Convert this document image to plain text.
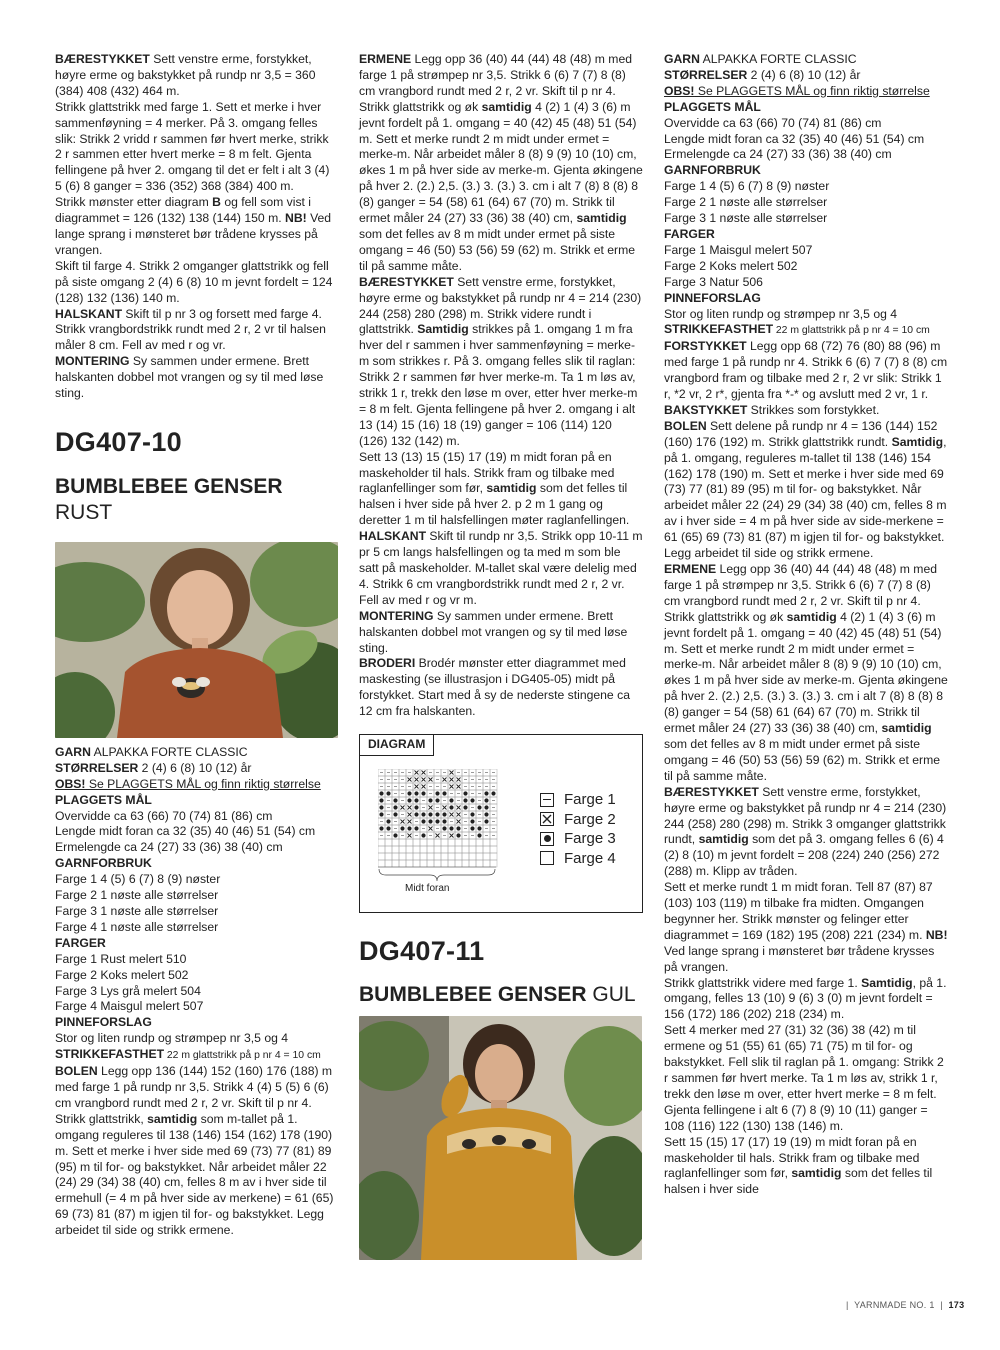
BÆRESTYKKET Sett venstre erme, forstykket, høyre erme og bakstykket på rundp nr 3,5 = 360 (384) 408 (432) 464 m.

Strikk glattstrikk med farge 1. Sett et merke i hver sammenføyning = 4 merker. På 3. omgang felles slik: Strikk 2 vridd r sammen før hvert merke, strikk 2 r sammen etter hvert merke = 8 m felt. Gjenta fellingene på hver 2. omgang til det er felt i alt 3 (4) 5 (6) 8 ganger = 336 (352) 368 (384) 400 m.

Strikk mønster etter diagram B og fell som vist i diagrammet = 126 (132) 138 (144) 150 m. NB! Ved lange sprang i mønsteret bør trådene krysses på vrangen.

Skift til farge 4. Strikk 2 omganger glattstrikk og fell på siste omgang 2 (4) 6 (8) 10 m jevnt fordelt = 124 (128) 132 (136) 140 m.

HALSKANT Skift til p nr 3 og forsett med farge 4. Strikk vrangbordstrikk rundt med 2 r, 2 vr til halsen måler 8 cm. Fell av med r og vr.

MONTERING Sy sammen under ermene. Brett halskanten dobbel mot vrangen og sy til med løse sting.

DG407-10

BUMBLEBEE GENSER

RUST

GARN ALPAKKA FORTE CLASSIC

STØRRELSER 2 (4) 6 (8) 10 (12) år

OBS! Se PLAGGETS MÅL og finn riktig størrelse

PLAGGETS MÅL

Overvidde ca 63 (66) 70 (74) 81 (86) cm

Lengde midt foran ca 32 (35) 40 (46) 51 (54) cm

Ermelengde ca 24 (27) 33 (36) 38 (40) cm

GARNFORBRUK

Farge 1 4 (5) 6 (7) 8 (9) nøster

Farge 2 1 nøste alle størrelser

Farge 3 1 nøste alle størrelser

Farge 4 1 nøste alle størrelser

FARGER

Farge 1 Rust melert 510

Farge 2 Koks melert 502

Farge 3 Lys grå melert 504

Farge 4 Maisgul melert 507

PINNEFORSLAG

Stor og liten rundp og strømpep nr 3,5 og 4

STRIKKEFASTHET 22 m glattstrikk på p nr 4 = 10 cm

BOLEN Legg opp 136 (144) 152 (160) 176 (188) m med farge 1 på rundp nr 3,5. Strikk 4 (4) 5 (5) 6 (6) cm vrangbord rundt med 2 r, 2 vr. Skift til p nr 4. Strikk glattstrikk, samtidig som m-tallet på 1. omgang reguleres til 138 (146) 154 (162) 178 (190) m. Sett et merke i hver side med 69 (73) 77 (81) 89 (95) m til for- og bakstykket. Når arbeidet måler 22 (24) 29 (34) 38 (40) cm, felles 8 m av i hver side til ermehull (= 4 m på hver side av merkene) = 61 (65) 69 (73) 81 (87) m igjen til for- og bakstykket. Legg arbeidet til side og strikk ermene.

ERMENE Legg opp 36 (40) 44 (44) 48 (48) m med farge 1 på strømpep nr 3,5. Strikk 6 (6) 7 (7) 8 (8) cm vrangbord rundt med 2 r, 2 vr. Skift til p nr 4. Strikk glattstrikk og øk samtidig 4 (2) 1 (4) 3 (6) m jevnt fordelt på 1. omgang = 40 (42) 45 (48) 51 (54) m. Sett et merke rundt 2 m midt under ermet = merke-m. Når arbeidet måler 8 (8) 9 (9) 10 (10) cm, økes 1 m på hver side av merke-m. Gjenta økingene på hver 2. (2.) 2,5. (3.) 3. (3.) 3. cm i alt 7 (8) 8 (8) 8 (8) ganger = 54 (58) 61 (64) 67 (70) m. Strikk til ermet måler 24 (27) 33 (36) 38 (40) cm, samtidig som det felles av 8 m midt under ermet på siste omgang = 46 (50) 53 (56) 59 (62) m. Strikk et erme til på samme måte.

BÆRESTYKKET Sett venstre erme, forstykket, høyre erme og bakstykket på rundp nr 4 = 214 (230) 244 (258) 280 (298) m. Strikk videre rundt i glattstrikk. Samtidig strikkes på 1. omgang 1 m fra hver del r sammen i hver sammenføyning = merke-m som strikkes r. På 3. omgang felles slik til raglan: Strikk 2 r sammen før hver merke-m. Ta 1 m løs av, strikk 1 r, trekk den løse m over, etter hver merke-m = 8 m felt. Gjenta fellingene på hver 2. omgang i alt 13 (14) 15 (16) 18 (19) ganger = 106 (114) 120 (126) 132 (142) m.

Sett 13 (13) 15 (15) 17 (19) m midt foran på en maskeholder til hals. Strikk fram og tilbake med raglanfellinger som før, samtidig som det felles til halsen i hver side på hver 2. p 2 m 1 gang og deretter 1 m til halsfellingen møter raglanfellingen.

HALSKANT Skift til rundp nr 3,5. Strikk opp 10-11 m pr 5 cm langs halsfellingen og ta med m som ble satt på maskeholder. M-tallet skal være delelig med 4. Strikk 6 cm vrangbordstrikk rundt med 2 r, 2 vr. Fell av med r og vr m.

MONTERING Sy sammen under ermene. Brett halskanten dobbel mot vrangen og sy til med løse sting.

BRODERI Brodér mønster etter diagrammet med maskesting (se illustrasjon i DG405-05) midt på forstykket. Start med å sy de nederste stingene ca 12 cm fra halskanten.

DIAGRAM
Midt foran
Farge 1
Farge 2
Farge 3
Farge 4

DG407-11

BUMBLEBEE GENSER GUL

GARN ALPAKKA FORTE CLASSIC

STØRRELSER 2 (4) 6 (8) 10 (12) år

OBS! Se PLAGGETS MÅL og finn riktig størrelse

PLAGGETS MÅL

Overvidde ca 63 (66) 70 (74) 81 (86) cm

Lengde midt foran ca 32 (35) 40 (46) 51 (54) cm

Ermelengde ca 24 (27) 33 (36) 38 (40) cm

GARNFORBRUK

Farge 1 4 (5) 6 (7) 8 (9) nøster

Farge 2 1 nøste alle størrelser

Farge 3 1 nøste alle størrelser

FARGER

Farge 1 Maisgul melert 507

Farge 2 Koks melert 502

Farge 3 Natur 506

PINNEFORSLAG

Stor og liten rundp og strømpep nr 3,5 og 4

STRIKKEFASTHET 22 m glattstrikk på p nr 4 = 10 cm

FORSTYKKET Legg opp 68 (72) 76 (80) 88 (96) m med farge 1 på rundp nr 4. Strikk 6 (6) 7 (7) 8 (8) cm vrangbord fram og tilbake med 2 r, 2 vr slik: Strikk 1 r, *2 vr, 2 r*, gjenta fra *-* og avslutt med 2 vr, 1 r.

BAKSTYKKET Strikkes som forstykket.

BOLEN Sett delene på rundp nr 4 = 136 (144) 152 (160) 176 (192) m. Strikk glattstrikk rundt. Samtidig, på 1. omgang, reguleres m-tallet til 138 (146) 154 (162) 178 (190) m. Sett et merke i hver side med 69 (73) 77 (81) 89 (95) m til for- og bakstykket. Når arbeidet måler 22 (24) 29 (34) 38 (40) cm, felles 8 m av i hver side = 4 m på hver side av side-merkene = 61 (65) 69 (73) 81 (87) m igjen til for- og bakstykket. Legg arbeidet til side og strikk ermene.

ERMENE Legg opp 36 (40) 44 (44) 48 (48) m med farge 1 på strømpep nr 3,5. Strikk 6 (6) 7 (7) 8 (8) cm vrangbord rundt med 2 r, 2 vr. Skift til p nr 4. Strikk glattstrikk og øk samtidig 4 (2) 1 (4) 3 (6) m jevnt fordelt på 1. omgang = 40 (42) 45 (48) 51 (54) m. Sett et merke rundt 2 m midt under ermet = merke-m. Når arbeidet måler 8 (8) 9 (9) 10 (10) cm, økes 1 m på hver side av merke-m. Gjenta økingene på hver 2. (2.) 2,5. (3.) 3. (3.) 3. cm i alt 7 (8) 8 (8) 8 (8) ganger = 54 (58) 61 (64) 67 (70) m. Strikk til ermet måler 24 (27) 33 (36) 38 (40) cm, samtidig som det felles av 8 m midt under ermet på siste omgang = 46 (50) 53 (56) 59 (62) m. Strikk et erme til på samme måte.

BÆRESTYKKET Sett venstre erme, forstykket, høyre erme og bakstykket på rundp nr 4 = 214 (230) 244 (258) 280 (298) m. Strikk 3 omganger glattstrikk rundt, samtidig som det på 3. omgang felles 6 (6) 4 (2) 8 (10) m jevnt fordelt = 208 (224) 240 (256) 272 (288) m. Klipp av tråden.

Sett et merke rundt 1 m midt foran. Tell 87 (87) 87 (103) 103 (119) m tilbake fra midten. Omgangen begynner her. Strikk mønster og felinger etter diagrammet = 169 (182) 195 (208) 221 (234) m. NB! Ved lange sprang i mønsteret bør trådene krysses på vrangen.

Strikk glattstrikk videre med farge 1. Samtidig, på 1. omgang, felles 13 (10) 9 (6) 3 (0) m jevnt fordelt = 156 (172) 186 (202) 218 (234) m.

Sett 4 merker med 27 (31) 32 (36) 38 (42) m til ermene og 51 (55) 61 (65) 71 (75) m til for- og bakstykket. Fell slik til raglan på 1. omgang: Strikk 2 r sammen før hvert merke. Ta 1 m løs av, strikk 1 r, trekk den løse m over, etter hvert merke = 8 m felt. Gjenta fellingene i alt 6 (7) 8 (9) 10 (11) ganger = 108 (116) 122 (130) 138 (146) m.

Sett 15 (15) 17 (17) 19 (19) m midt foran på en maskeholder til hals. Strikk fram og tilbake med raglanfellinger som før, samtidig som det felles til halsen i hver side

|  YARNMADE NO. 1  |  173
